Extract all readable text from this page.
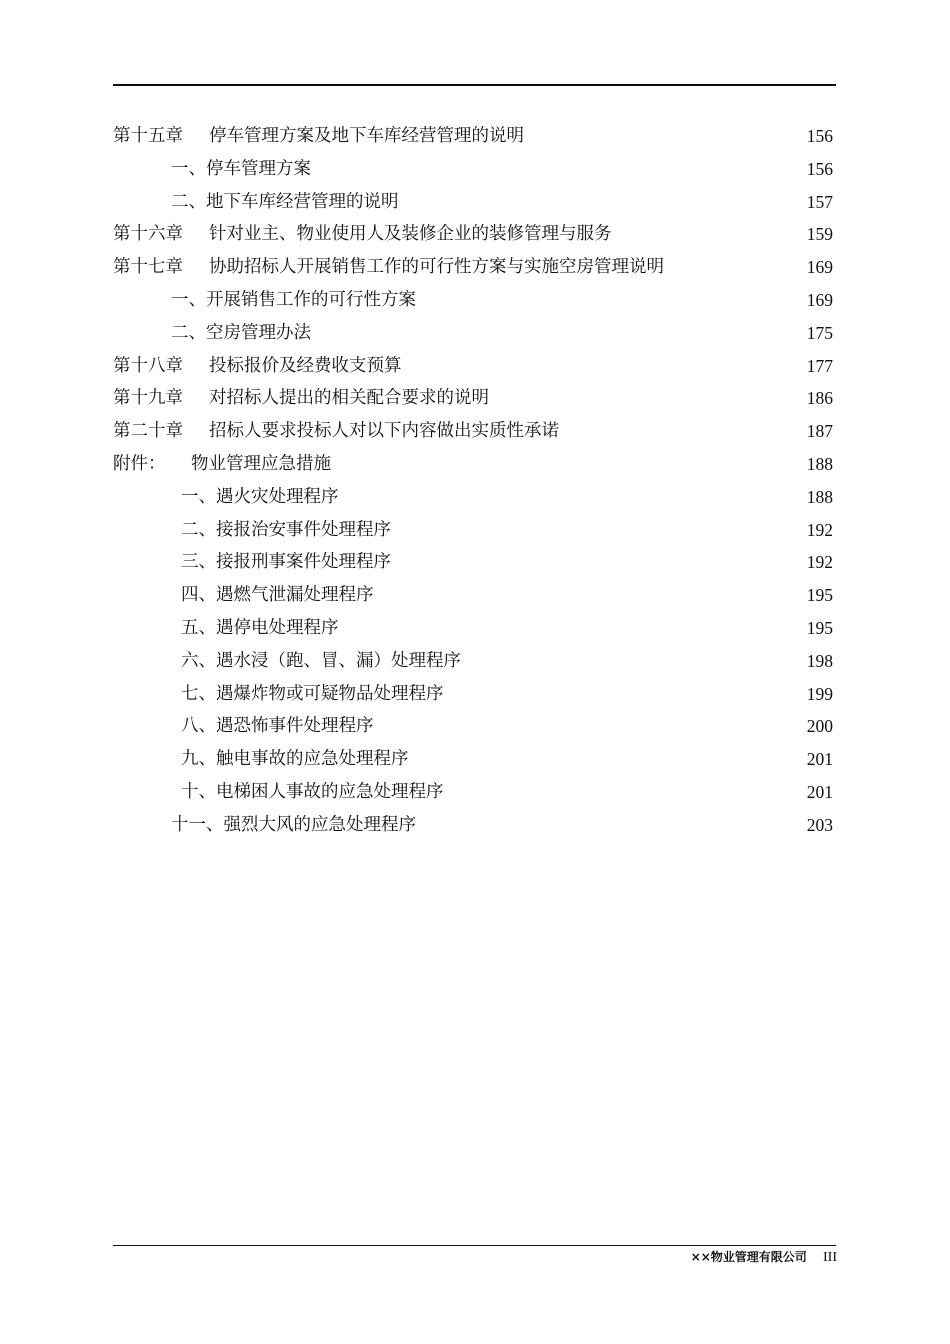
第十五章 停车管理方案及地下车库经营管理的说明	156
一、停车管理方案	156
二、地下车库经营管理的说明	157
第十六章 针对业主、物业使用人及装修企业的装修管理与服务	159
第十七章 协助招标人开展销售工作的可行性方案与实施空房管理说明	169
一、开展销售工作的可行性方案	169
二、空房管理办法	175
第十八章 投标报价及经费收支预算	177
第十九章 对招标人提出的相关配合要求的说明	186
第二十章 招标人要求投标人对以下内容做出实质性承诺	187
附件： 物业管理应急措施	188
一、遇火灾处理程序	188
二、接报治安事件处理程序	192
三、接报刑事案件处理程序	192
四、遇燃气泄漏处理程序	195
五、遇停电处理程序	195
六、遇水浸（跑、冒、漏）处理程序	198
七、遇爆炸物或可疑物品处理程序	199
八、遇恐怖事件处理程序	200
九、触电事故的应急处理程序	201
十、电梯困人事故的应急处理程序	201
十一、强烈大风的应急处理程序	203
××物业管理有限公司 III
